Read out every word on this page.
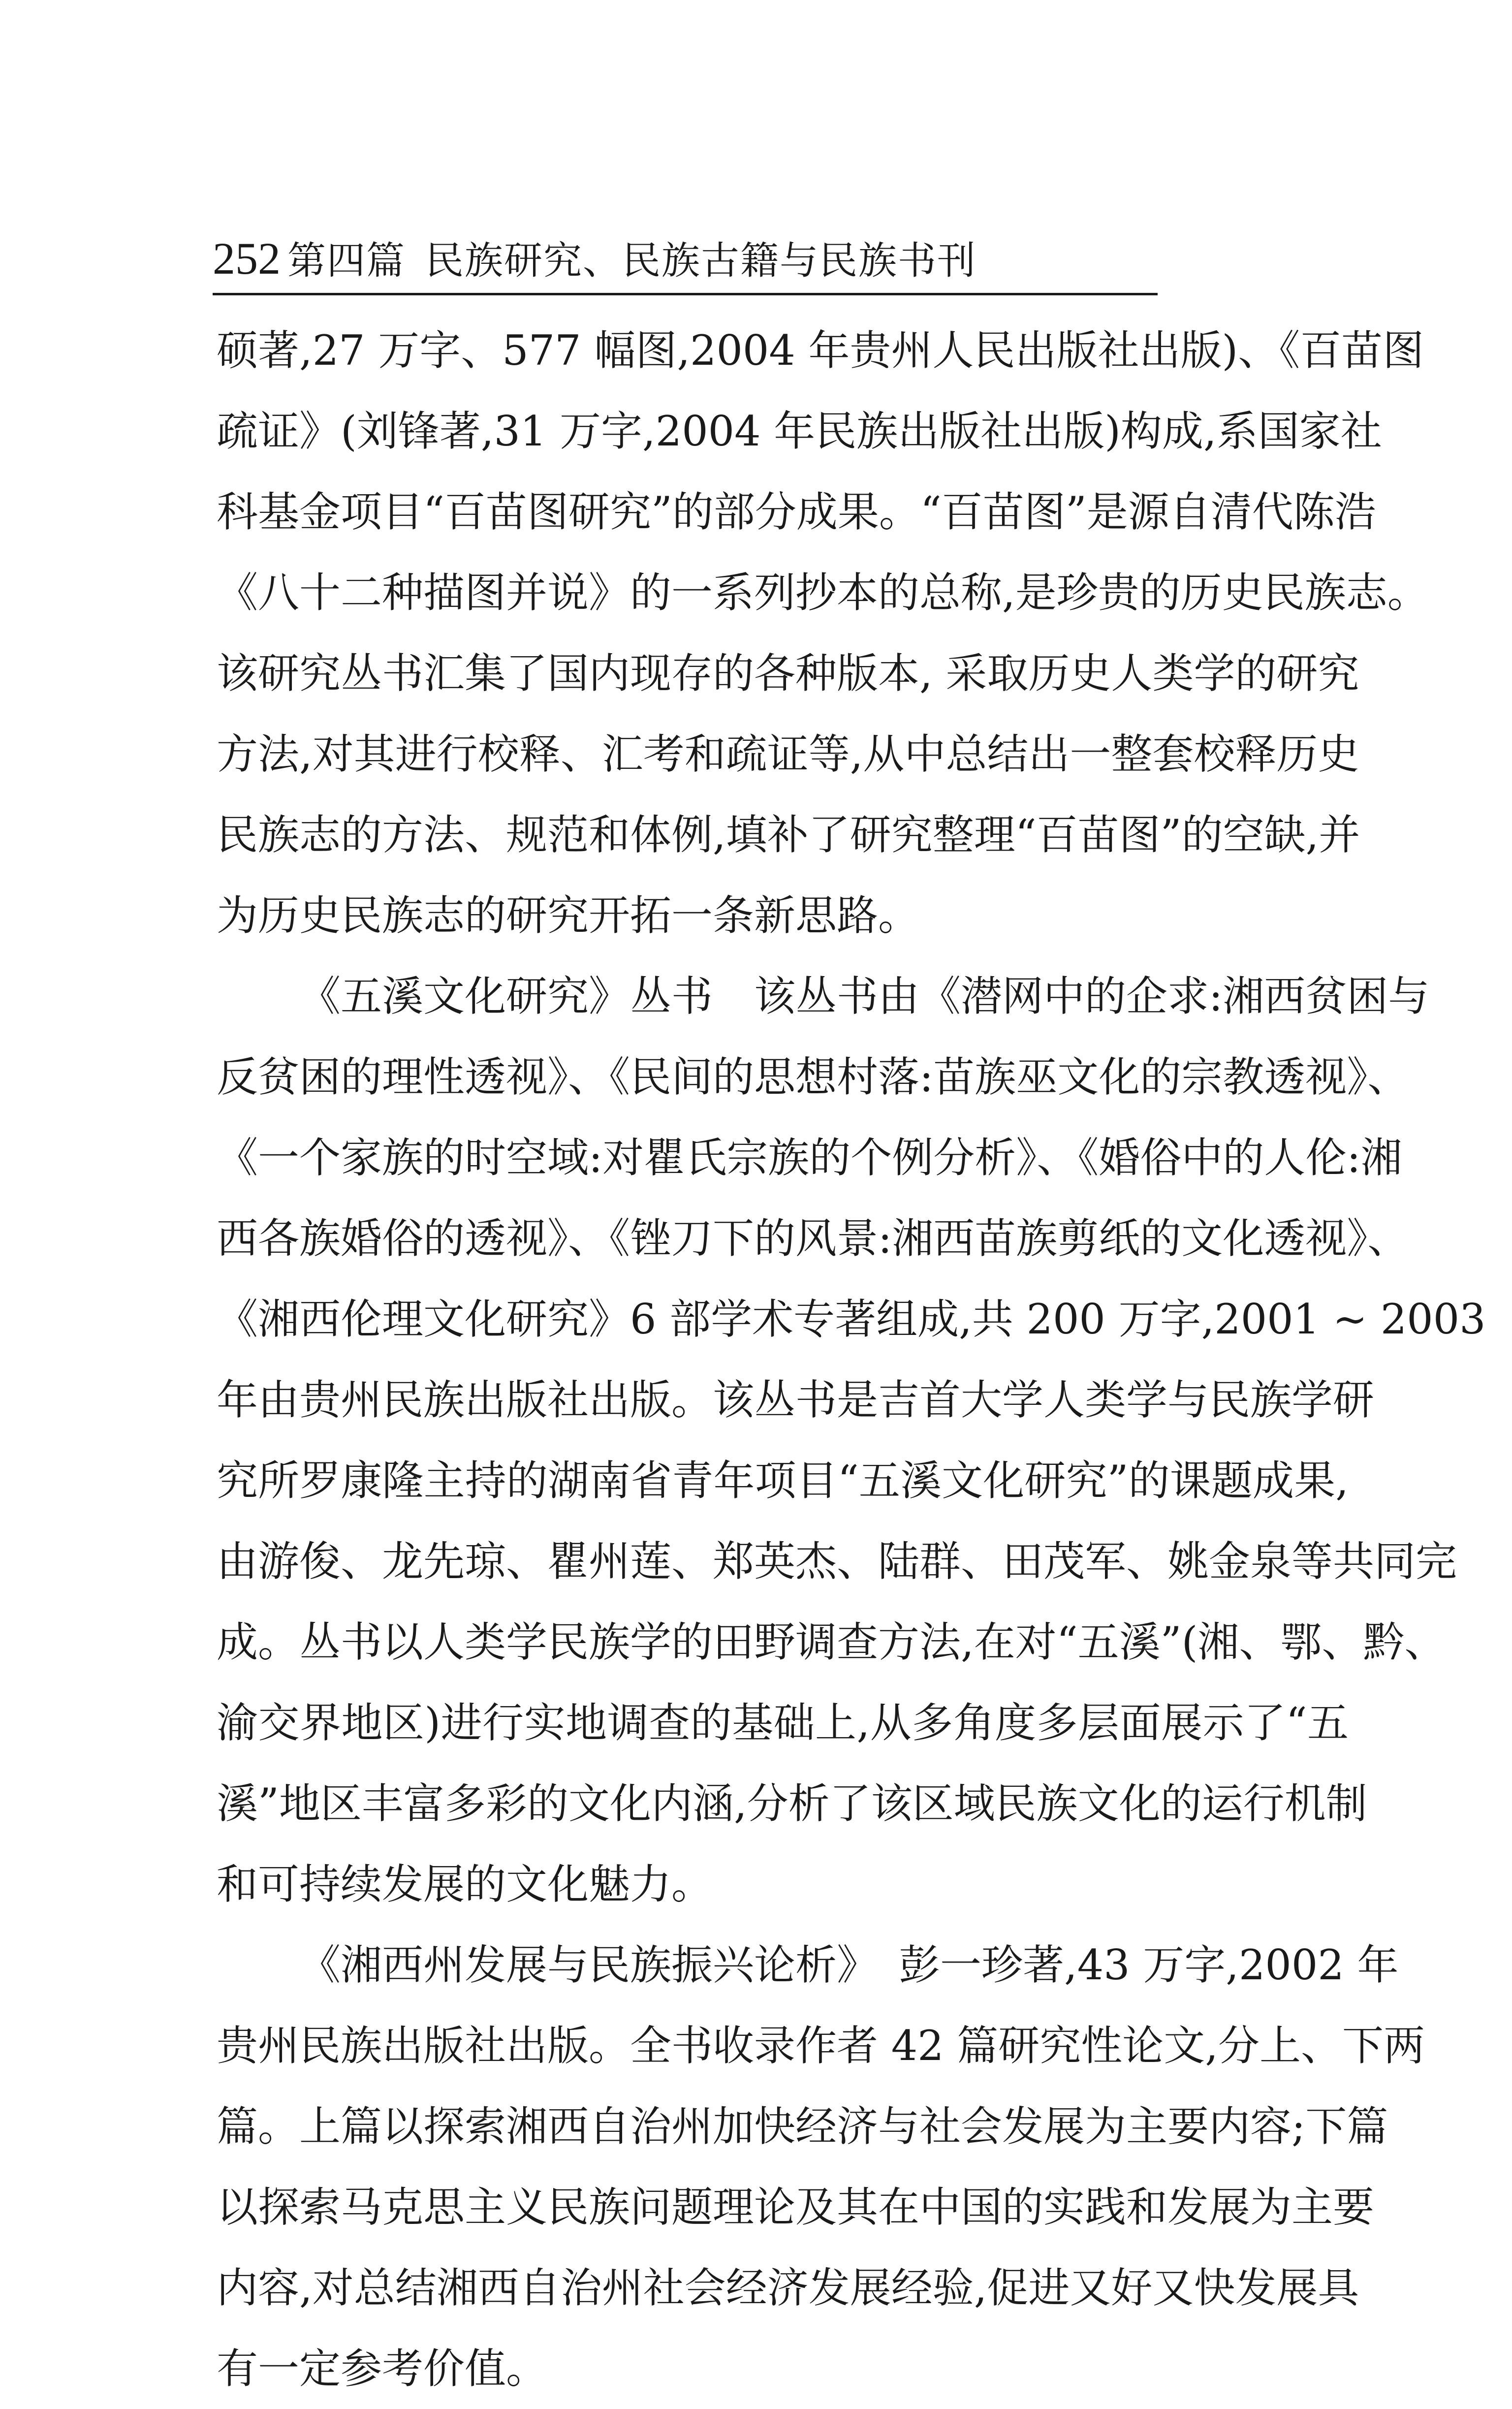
252 第四篇 民族研究、民族古籍与民族书刊
硕著,27 万字、577 幅图,2004 年贵州人民出版社出版)、《百苗图
疏证》(刘锋著,31 万字,2004 年民族出版社出版)构成,系国家社
科基金项目“百苗图研究”的部分成果。“百苗图”是源自清代陈浩
《八十二种描图并说》的一系列抄本的总称,是珍贵的历史民族志。
该研究丛书汇集了国内现存的各种版本, 采取历史人类学的研究
方法,对其进行校释、汇考和疏证等,从中总结出一整套校释历史
民族志的方法、规范和体例,填补了研究整理“百苗图”的空缺,并
为历史民族志的研究开拓一条新思路。
《五溪文化研究》丛书　该丛书由《潜网中的企求:湘西贫困与
反贫困的理性透视》、《民间的思想村落:苗族巫文化的宗教透视》、
《一个家族的时空域:对瞿氏宗族的个例分析》、《婚俗中的人伦:湘
西各族婚俗的透视》、《锉刀下的风景:湘西苗族剪纸的文化透视》、
《湘西伦理文化研究》6 部学术专著组成,共 200 万字,2001 ~ 2003
年由贵州民族出版社出版。该丛书是吉首大学人类学与民族学研
究所罗康隆主持的湖南省青年项目“五溪文化研究”的课题成果,
由游俊、龙先琼、瞿州莲、郑英杰、陆群、田茂军、姚金泉等共同完
成。丛书以人类学民族学的田野调查方法,在对“五溪”(湘、鄂、黔、
渝交界地区)进行实地调查的基础上,从多角度多层面展示了“五
溪”地区丰富多彩的文化内涵,分析了该区域民族文化的运行机制
和可持续发展的文化魅力。
《湘西州发展与民族振兴论析》　彭一珍著,43 万字,2002 年
贵州民族出版社出版。全书收录作者 42 篇研究性论文,分上、下两
篇。上篇以探索湘西自治州加快经济与社会发展为主要内容;下篇
以探索马克思主义民族问题理论及其在中国的实践和发展为主要
内容,对总结湘西自治州社会经济发展经验,促进又好又快发展具
有一定参考价值。
